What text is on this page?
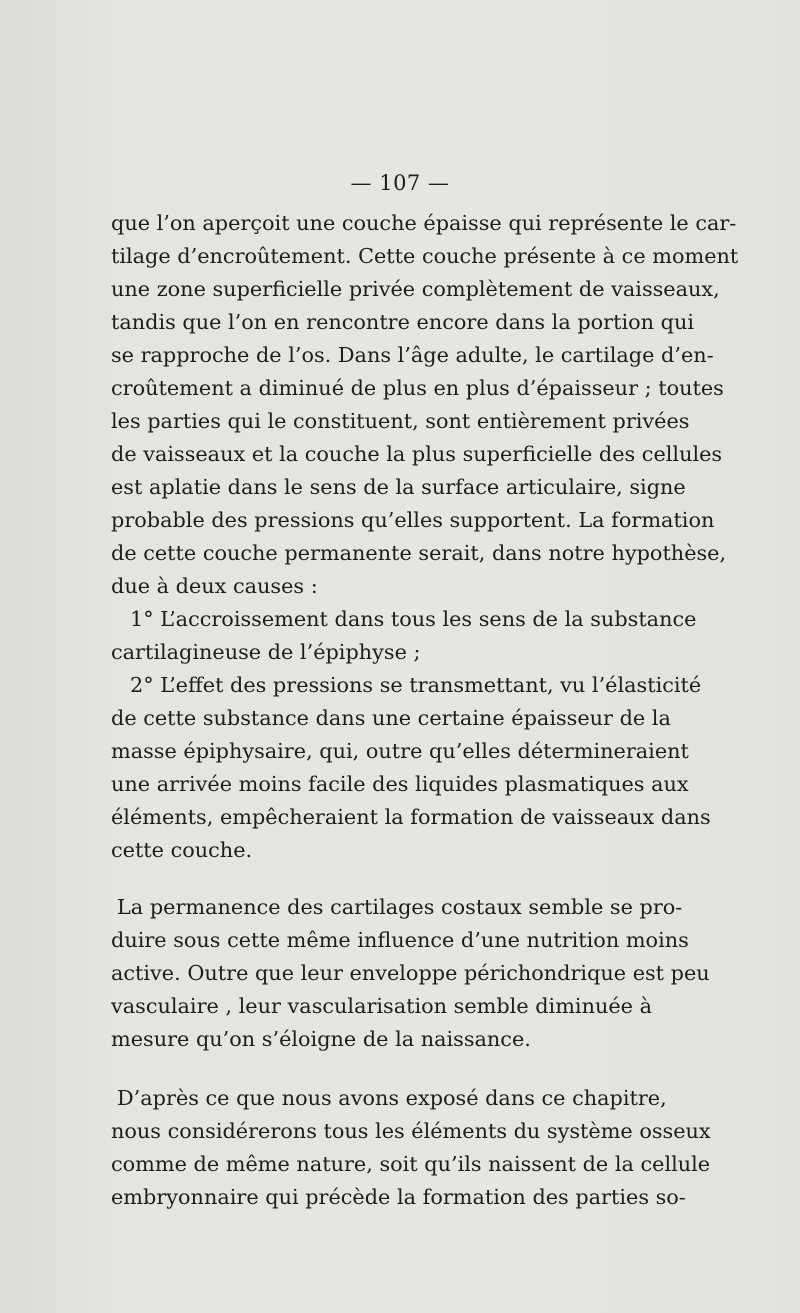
— 107 —
que l’on aperçoit une couche épaisse qui représente le car-
tilage d’encroûtement. Cette couche présente à ce moment
une zone superficielle privée complètement de vaisseaux,
tandis que l’on en rencontre encore dans la portion qui
se rapproche de l’os. Dans l’âge adulte, le cartilage d’en-
croûtement a diminué de plus en plus d’épaisseur ; toutes
les parties qui le constituent, sont entièrement privées
de vaisseaux et la couche la plus superficielle des cellules
est aplatie dans le sens de la surface articulaire, signe
probable des pressions qu’elles supportent. La formation
de cette couche permanente serait, dans notre hypothèse,
due à deux causes :
1° L’accroissement dans tous les sens de la substance
cartilagineuse de l’épiphyse ;
2° L’effet des pressions se transmettant, vu l’élasticité
de cette substance dans une certaine épaisseur de la
masse épiphysaire, qui, outre qu’elles détermineraient
une arrivée moins facile des liquides plasmatiques aux
éléments, empêcheraient la formation de vaisseaux dans
cette couche.
La permanence des cartilages costaux semble se pro-
duire sous cette même influence d’une nutrition moins
active. Outre que leur enveloppe périchondrique est peu
vasculaire , leur vascularisation semble diminuée à
mesure qu’on s’éloigne de la naissance.
D’après ce que nous avons exposé dans ce chapitre,
nous considérerons tous les éléments du système osseux
comme de même nature, soit qu’ils naissent de la cellule
embryonnaire qui précède la formation des parties so-
